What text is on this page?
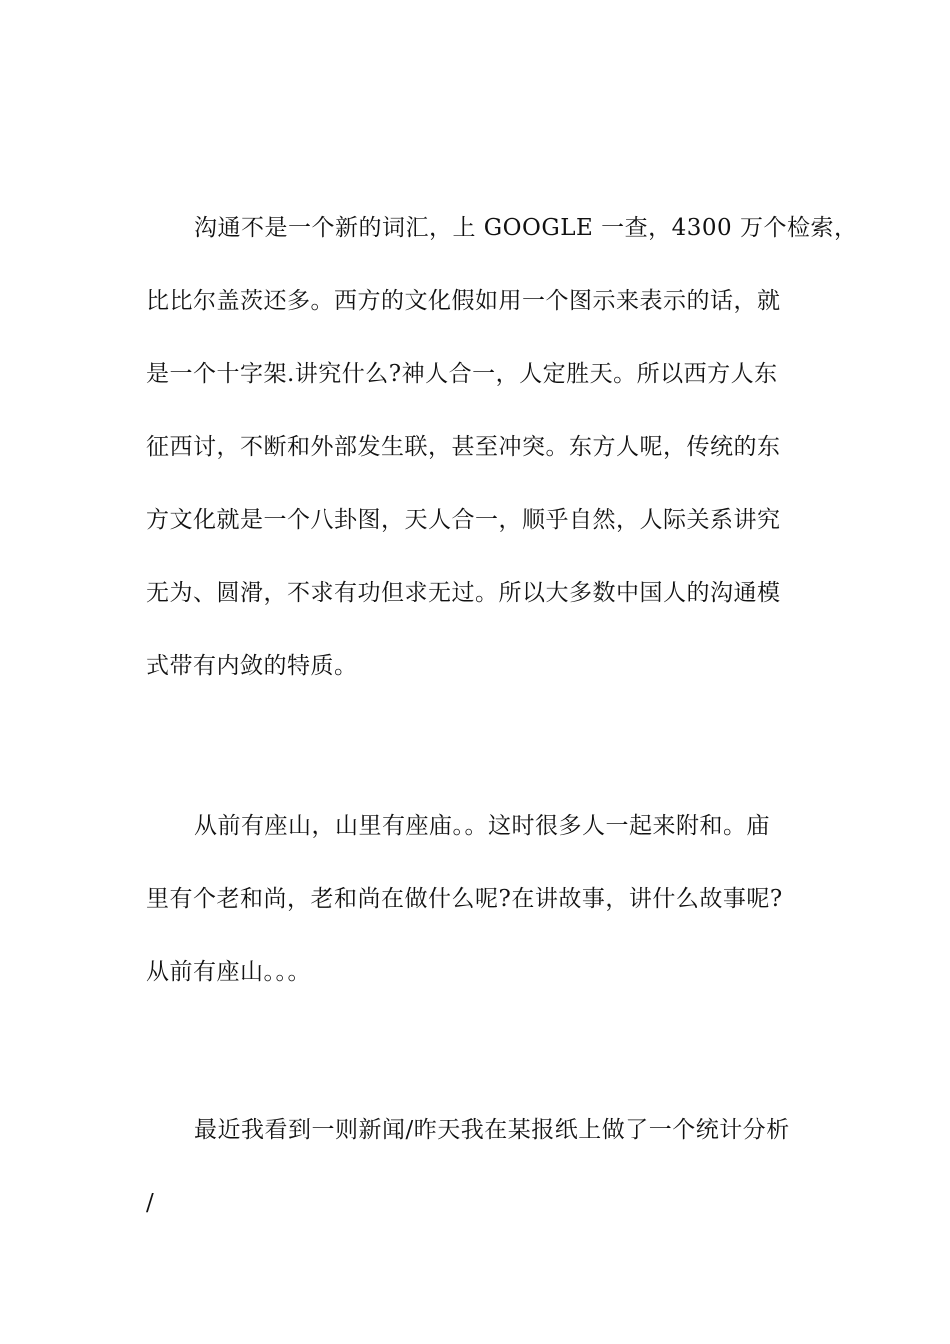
沟通不是一个新的词汇，上 GOOGLE 一查，4300 万个检索，
比比尔盖茨还多。西方的文化假如用一个图示来表示的话，就
是一个十字架.讲究什么?神人合一，人定胜天。所以西方人东
征西讨，不断和外部发生联，甚至冲突。东方人呢，传统的东
方文化就是一个八卦图，天人合一，顺乎自然，人际关系讲究
无为、圆滑，不求有功但求无过。所以大多数中国人的沟通模
式带有内敛的特质。
从前有座山，山里有座庙。。这时很多人一起来附和。庙
里有个老和尚，老和尚在做什么呢?在讲故事，讲什么故事呢?
从前有座山。。。
最近我看到一则新闻/昨天我在某报纸上做了一个统计分析
/
